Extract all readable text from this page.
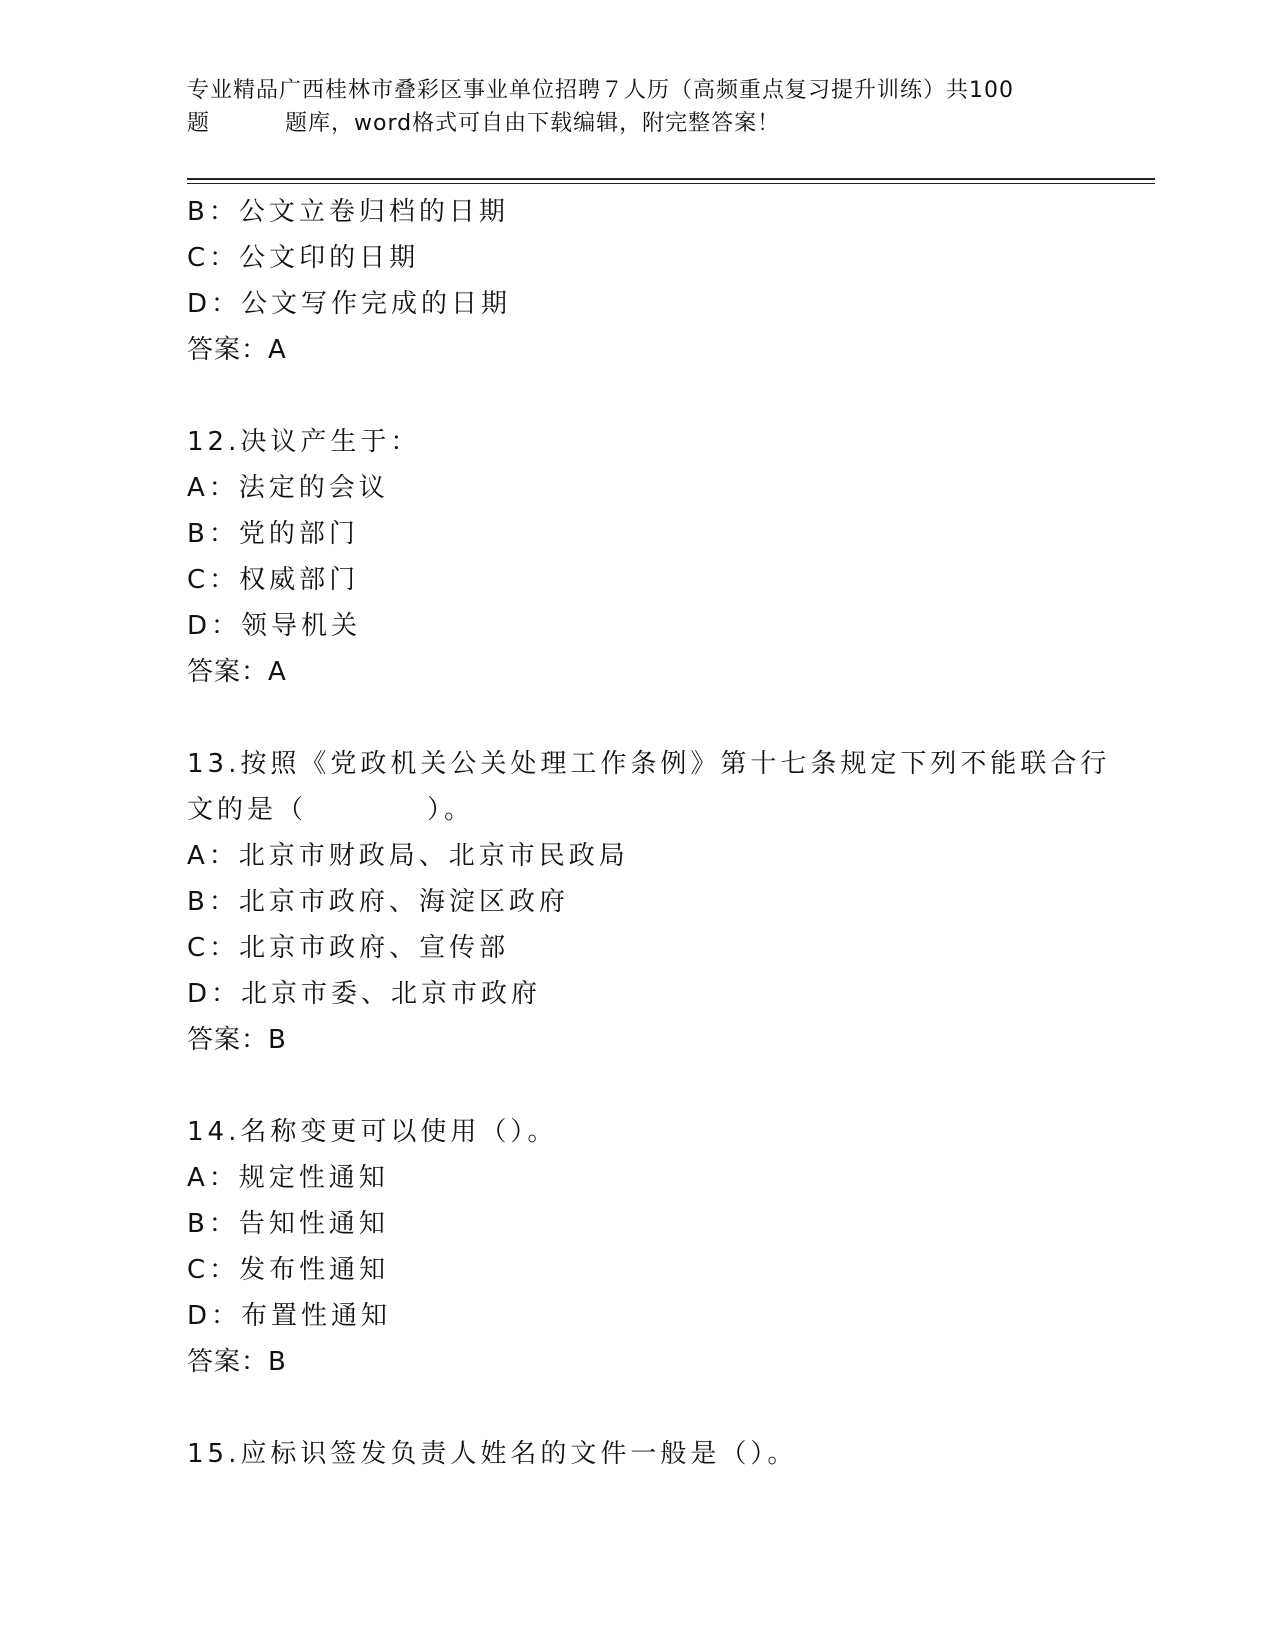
专业精品广西桂林市叠彩区事业单位招聘７人历（高频重点复习提升训练）共100
题	题库，word格式可自由下载编辑，附完整答案！
B：公文立卷归档的日期
C：公文印的日期
D：公文写作完成的日期
答案：A
12.决议产生于：
A：法定的会议
B：党的部门
C：权威部门
D：领导机关
答案：A
13.按照《党政机关公关处理工作条例》第十七条规定下列不能联合行
文的是（	）。
A：北京市财政局、北京市民政局
B：北京市政府、海淀区政府
C：北京市政府、宣传部
D：北京市委、北京市政府
答案：B
14.名称变更可以使用（）。
A：规定性通知
B：告知性通知
C：发布性通知
D：布置性通知
答案：B
15.应标识签发负责人姓名的文件一般是（）。
